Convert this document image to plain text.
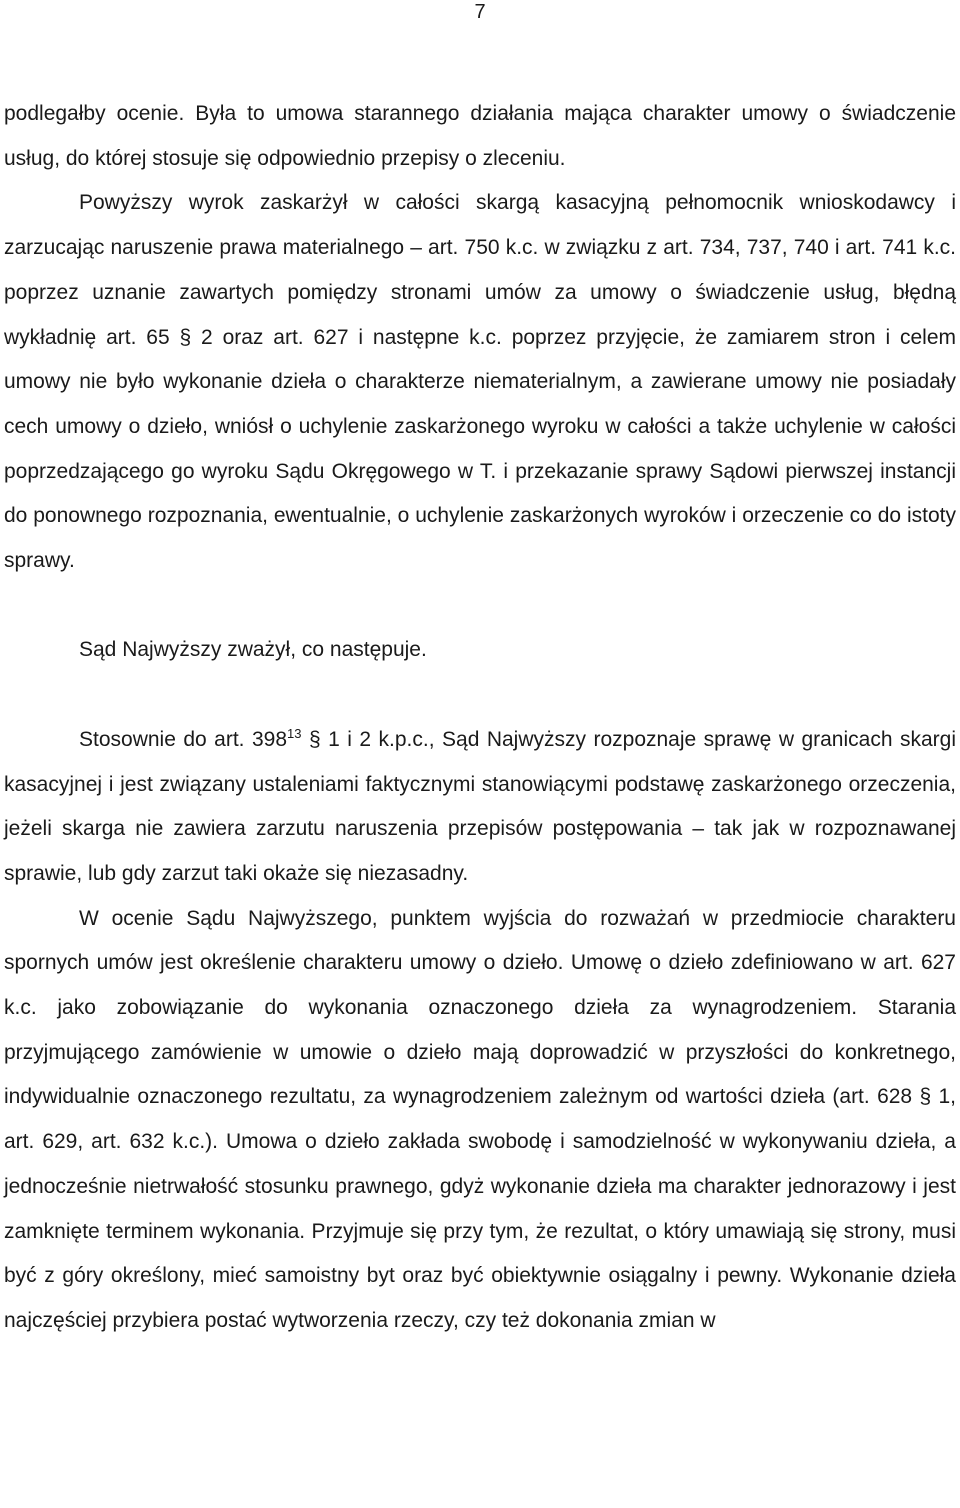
7

podlegałby ocenie. Była to umowa starannego działania mająca charakter umowy o świadczenie usług, do której stosuje się odpowiednio przepisy o zleceniu.

Powyższy wyrok zaskarżył w całości skargą kasacyjną pełnomocnik wnioskodawcy i zarzucając naruszenie prawa materialnego – art. 750 k.c. w związku z art. 734, 737, 740 i art. 741 k.c. poprzez uznanie zawartych pomiędzy stronami umów za umowy o świadczenie usług, błędną wykładnię art. 65 § 2 oraz art. 627 i następne k.c. poprzez przyjęcie, że zamiarem stron i celem umowy nie było wykonanie dzieła o charakterze niematerialnym, a zawierane umowy nie posiadały cech umowy o dzieło, wniósł o uchylenie zaskarżonego wyroku w całości a także uchylenie w całości poprzedzającego go wyroku Sądu Okręgowego w T. i przekazanie sprawy Sądowi pierwszej instancji do ponownego rozpoznania, ewentualnie, o uchylenie zaskarżonych wyroków i orzeczenie co do istoty sprawy.

Sąd Najwyższy zważył, co następuje.

Stosownie do art. $398^{13}$ § 1 i 2 k.p.c., Sąd Najwyższy rozpoznaje sprawę w granicach skargi kasacyjnej i jest związany ustaleniami faktycznymi stanowiącymi podstawę zaskarżonego orzeczenia, jeżeli skarga nie zawiera zarzutu naruszenia przepisów postępowania – tak jak w rozpoznawanej sprawie, lub gdy zarzut taki okaże się niezasadny.

W ocenie Sądu Najwyższego, punktem wyjścia do rozważań w przedmiocie charakteru spornych umów jest określenie charakteru umowy o dzieło. Umowę o dzieło zdefiniowano w art. 627 k.c. jako zobowiązanie do wykonania oznaczonego dzieła za wynagrodzeniem. Starania przyjmującego zamówienie w umowie o dzieło mają doprowadzić w przyszłości do konkretnego, indywidualnie oznaczonego rezultatu, za wynagrodzeniem zależnym od wartości dzieła (art. 628 § 1, art. 629, art. 632 k.c.). Umowa o dzieło zakłada swobodę i samodzielność w wykonywaniu dzieła, a jednocześnie nietrwałość stosunku prawnego, gdyż wykonanie dzieła ma charakter jednorazowy i jest zamknięte terminem wykonania. Przyjmuje się przy tym, że rezultat, o który umawiają się strony, musi być z góry określony, mieć samoistny byt oraz być obiektywnie osiągalny i pewny. Wykonanie dzieła najczęściej przybiera postać wytworzenia rzeczy, czy też dokonania zmian w
